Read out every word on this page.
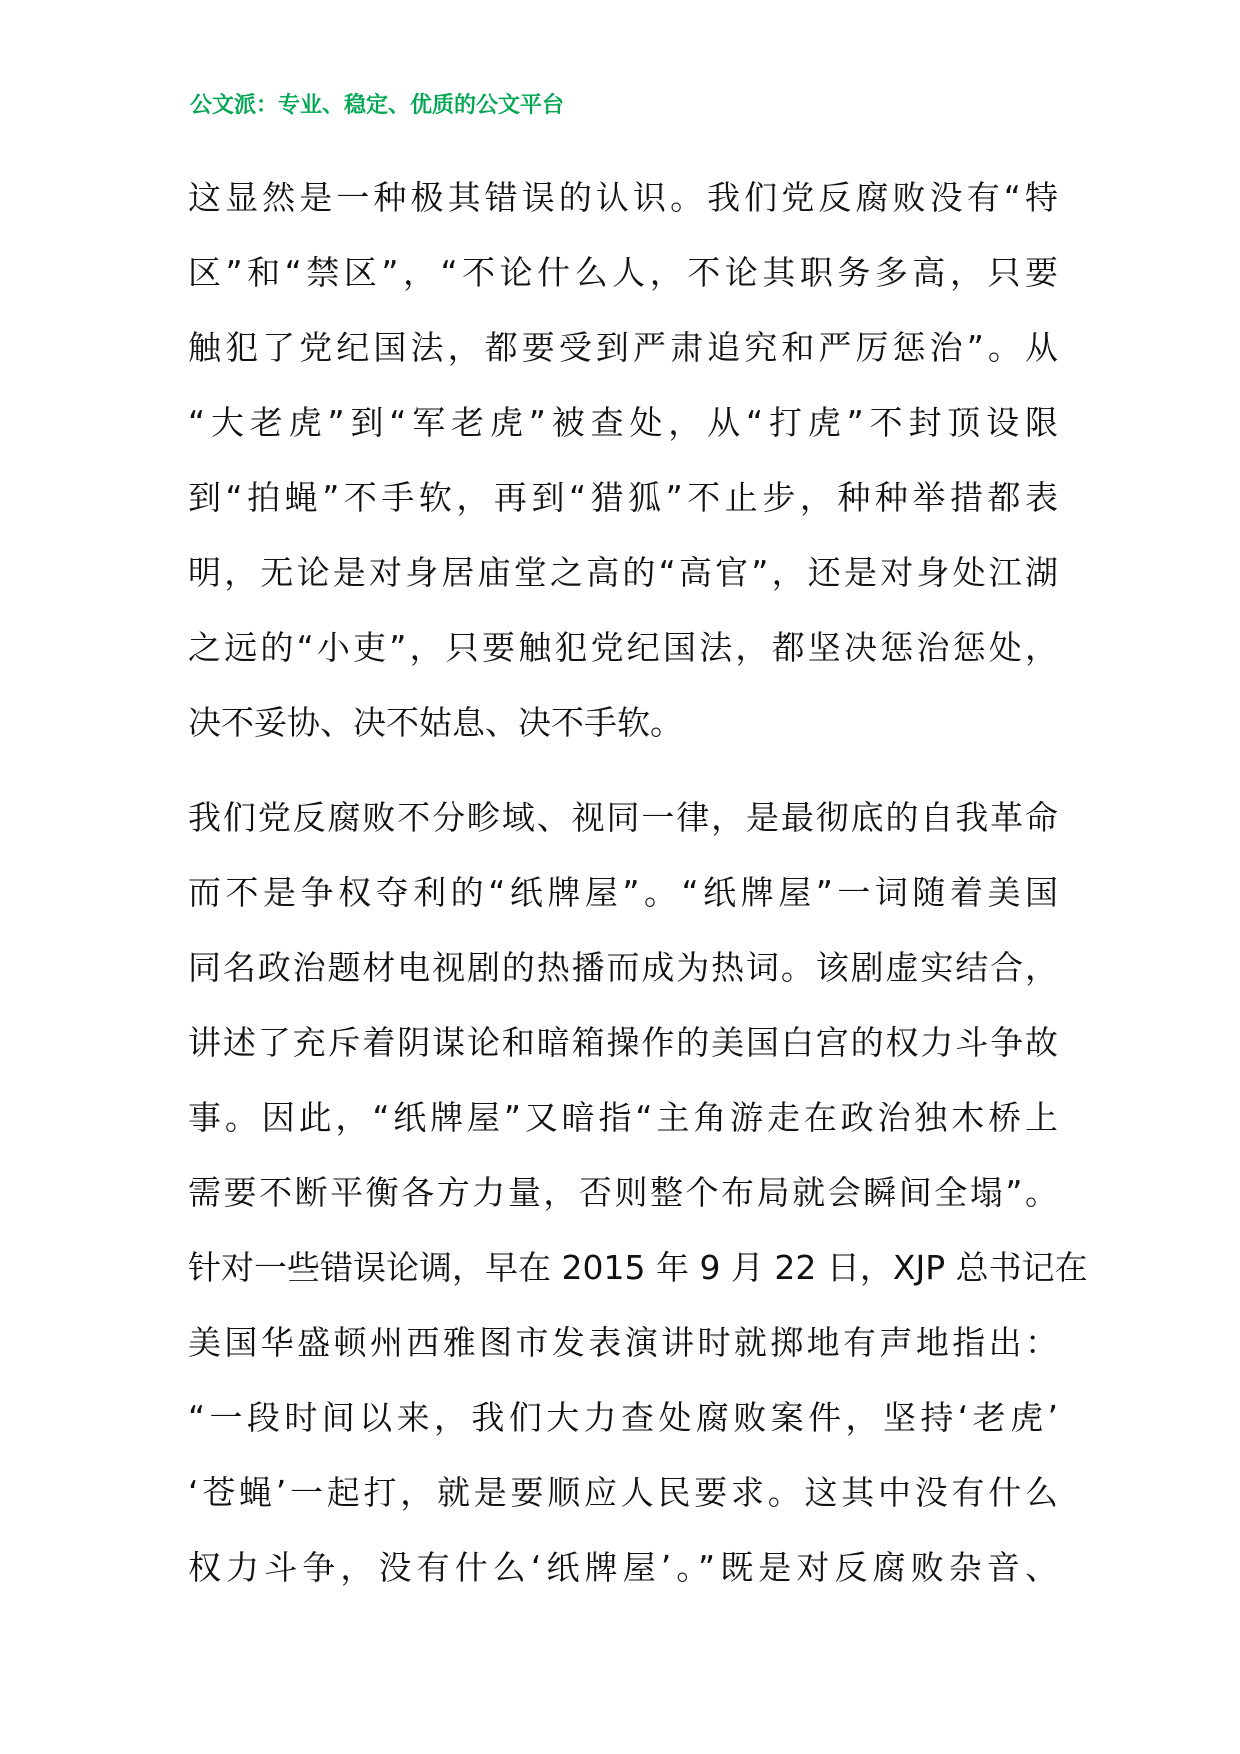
公文派：专业、稳定、优质的公文平台
这显然是一种极其错误的认识。我们党反腐败没有“特
区”和“禁区”，“不论什么人，不论其职务多高，只要
触犯了党纪国法，都要受到严肃追究和严厉惩治”。从
“大老虎”到“军老虎”被查处，从“打虎”不封顶设限
到“拍蝇”不手软，再到“猎狐”不止步，种种举措都表
明，无论是对身居庙堂之高的“高官”，还是对身处江湖
之远的“小吏”，只要触犯党纪国法，都坚决惩治惩处，
决不妥协、决不姑息、决不手软。
我们党反腐败不分畛域、视同一律，是最彻底的自我革命
而不是争权夺利的“纸牌屋”。“纸牌屋”一词随着美国
同名政治题材电视剧的热播而成为热词。该剧虚实结合，
讲述了充斥着阴谋论和暗箱操作的美国白宫的权力斗争故
事。因此，“纸牌屋”又暗指“主角游走在政治独木桥上
需要不断平衡各方力量，否则整个布局就会瞬间全塌”。
针对一些错误论调，早在 2015 年 9 月 22 日，XJP 总书记在
美国华盛顿州西雅图市发表演讲时就掷地有声地指出：
“一段时间以来，我们大力查处腐败案件，坚持‘老虎’
‘苍蝇’一起打，就是要顺应人民要求。这其中没有什么
权力斗争，没有什么‘纸牌屋’。”既是对反腐败杂音、
